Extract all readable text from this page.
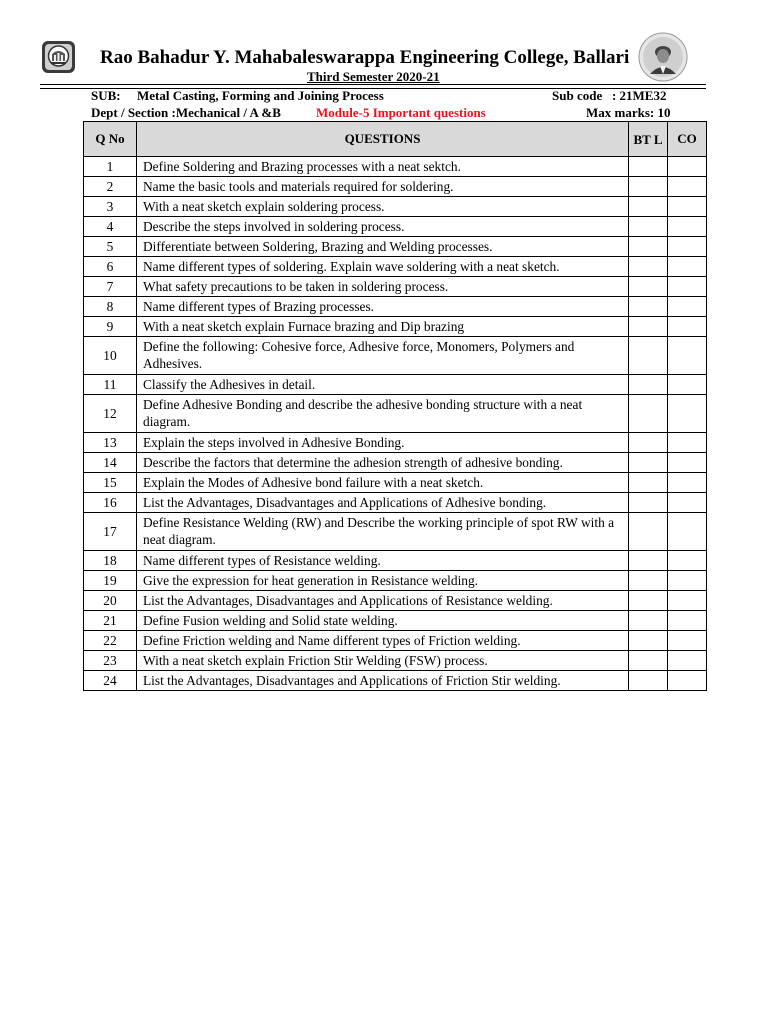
Rao Bahadur Y. Mahabaleswarappa Engineering College, Ballari
Third Semester 2020-21
SUB: Metal Casting, Forming and Joining Process	Sub code   : 21ME32
Dept / Section :Mechanical / A &B	Module-5 Important questions	Max marks: 10
Q No	QUESTIONS	BT L	CO
1	Define Soldering and Brazing processes with a neat sektch.		
2	Name the basic tools and materials required for soldering.		
3	With a neat sketch explain soldering process.		
4	Describe the steps involved in soldering process.		
5	Differentiate between Soldering, Brazing and Welding processes.		
6	Name different types of soldering. Explain wave soldering with a neat sketch.		
7	What safety precautions to be taken in soldering process.		
8	Name different types of Brazing processes.		
9	With a neat sketch explain Furnace brazing and Dip brazing		
10	Define the following: Cohesive force, Adhesive force, Monomers, Polymers and Adhesives.		
11	Classify the Adhesives in detail.		
12	Define Adhesive Bonding and describe the adhesive bonding structure with a neat diagram.		
13	Explain the steps involved in Adhesive Bonding.		
14	Describe the factors that determine the adhesion strength of adhesive bonding.		
15	Explain the Modes of Adhesive bond failure with a neat sketch.		
16	List the Advantages, Disadvantages and Applications of Adhesive bonding.		
17	Define Resistance Welding (RW) and Describe the working principle of spot RW with a neat diagram.		
18	Name different types of Resistance welding.		
19	Give the expression for heat generation in Resistance welding.		
20	List the Advantages, Disadvantages and Applications of Resistance welding.		
21	Define Fusion welding and Solid state welding.		
22	Define Friction welding and Name different types of Friction welding.		
23	With a neat sketch explain Friction Stir Welding (FSW) process.		
24	List the Advantages, Disadvantages and Applications of Friction Stir welding.		
